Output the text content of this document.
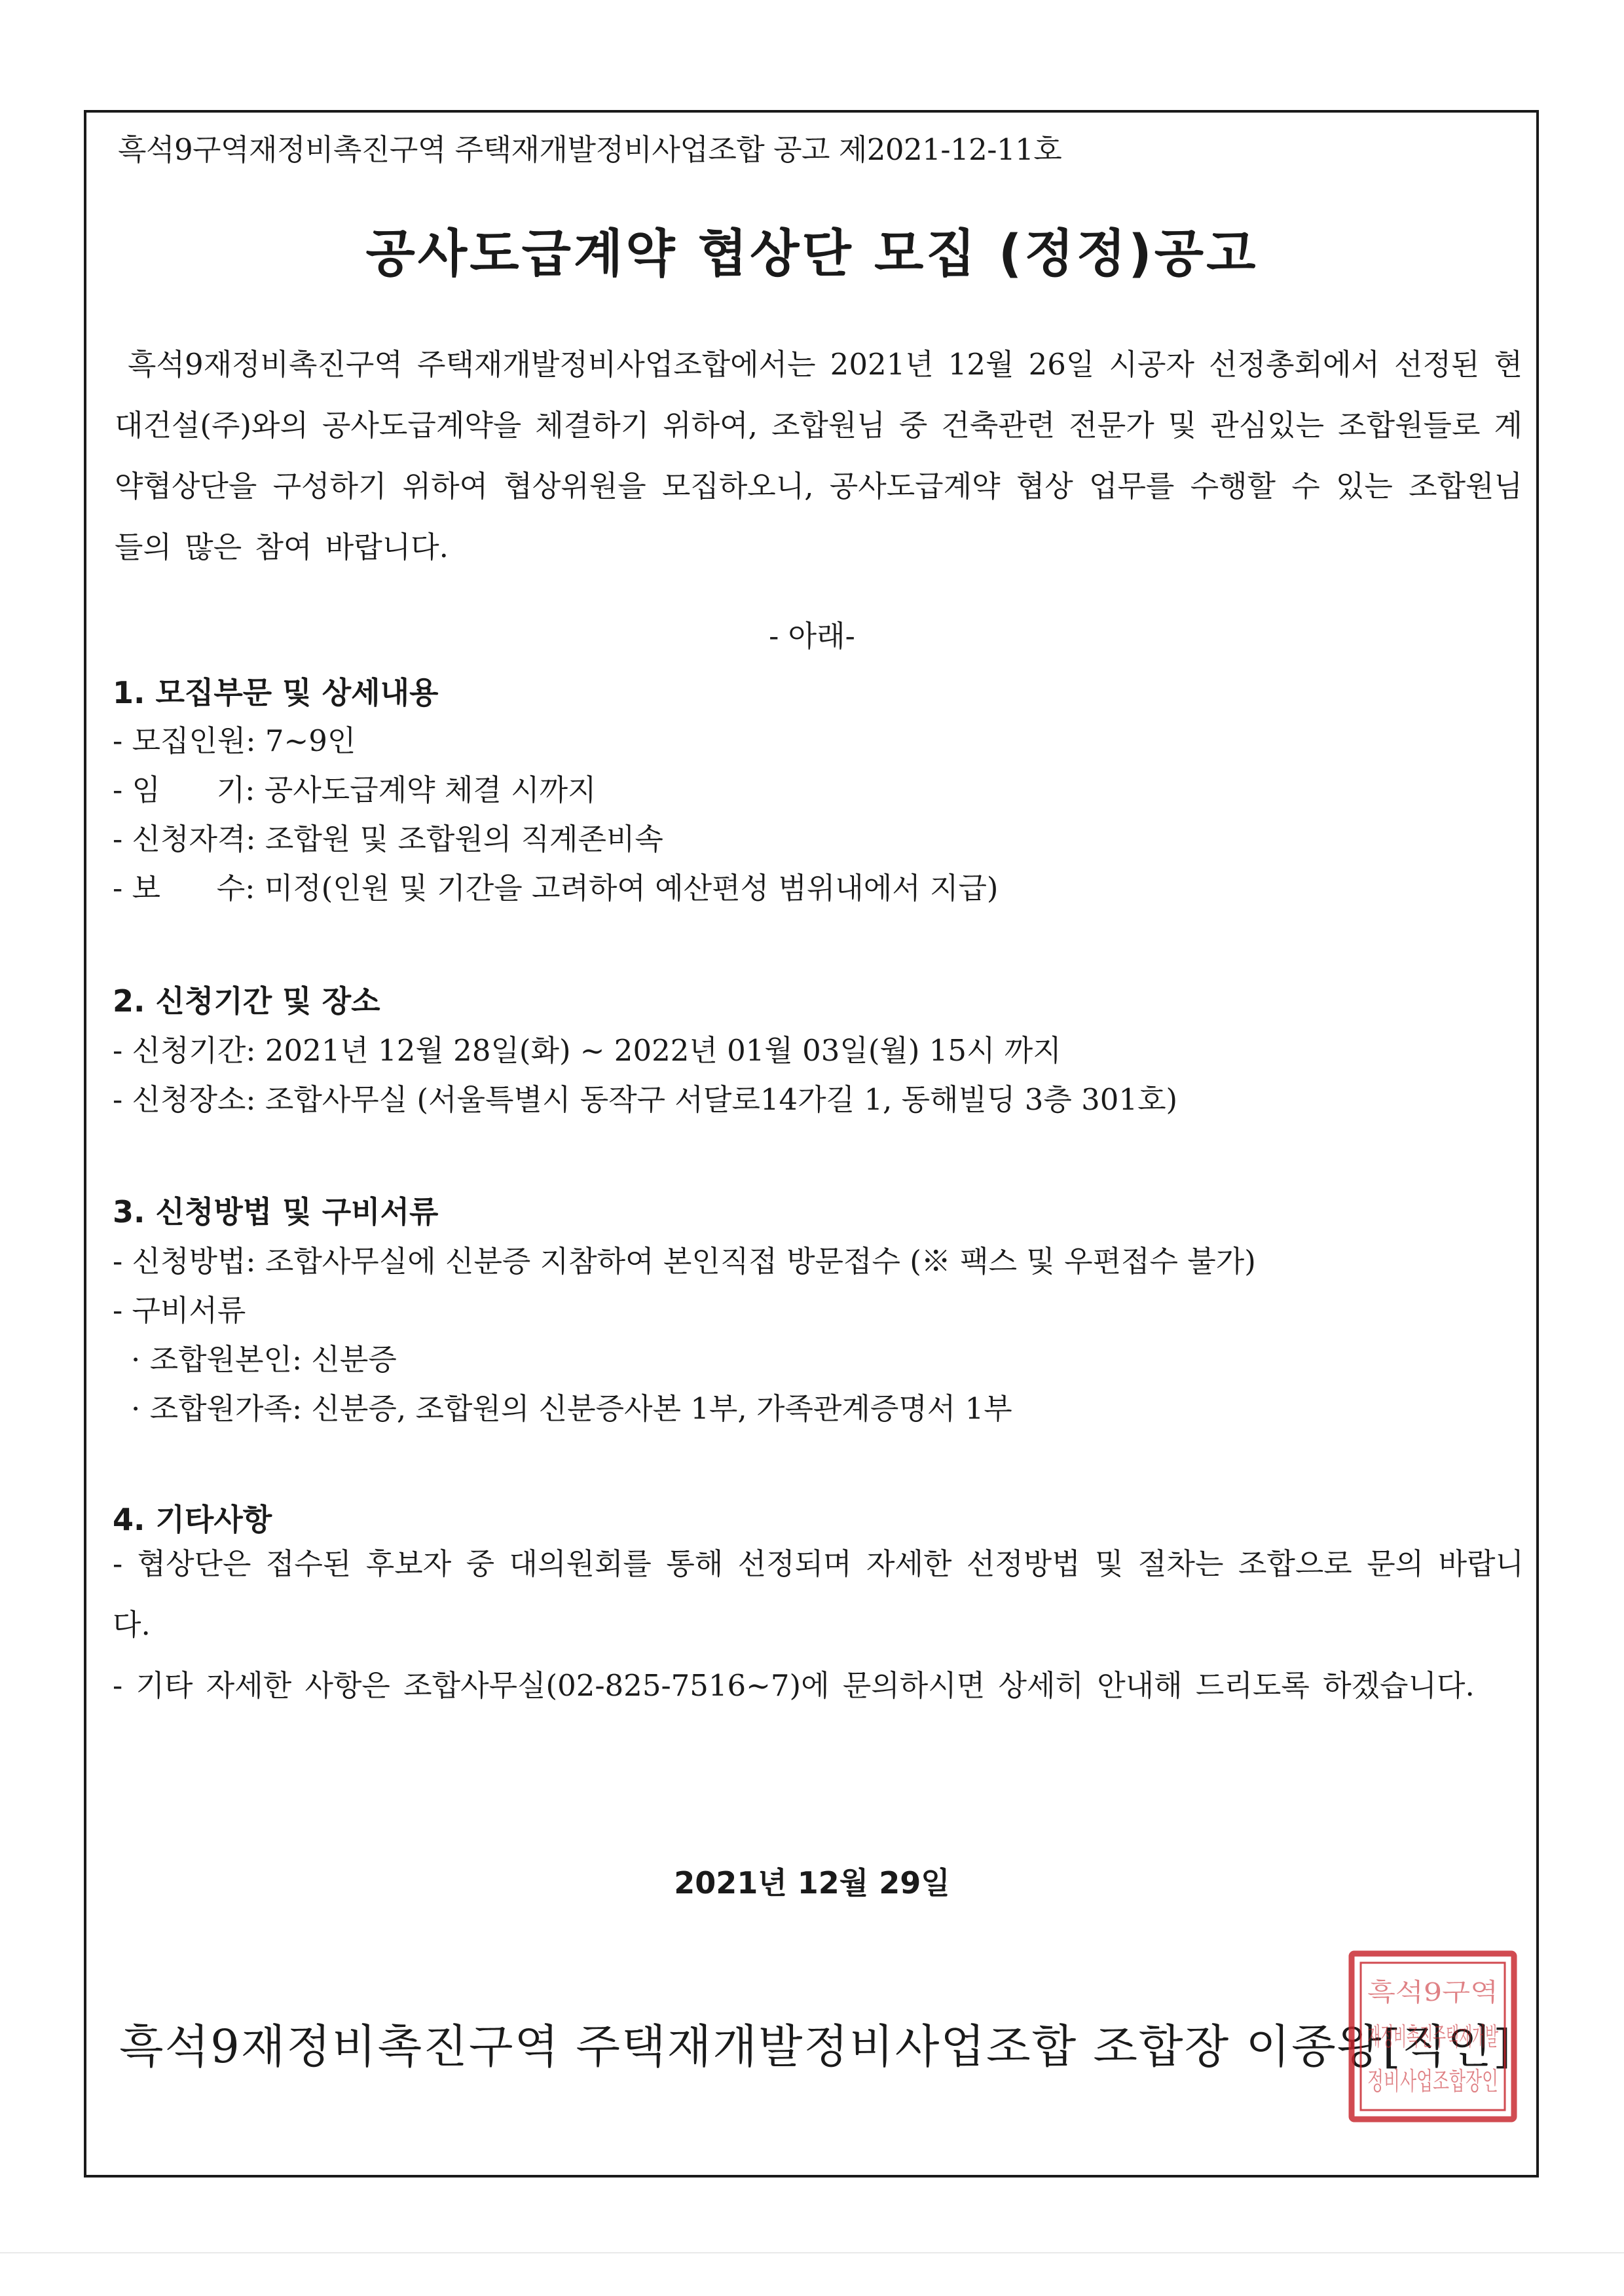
흑석9구역재정비촉진구역 주택재개발정비사업조합 공고 제2021-12-11호
공사도급계약 협상단 모집 (정정)공고
흑석9재정비촉진구역 주택재개발정비사업조합에서는 2021년 12월 26일 시공자 선정총회에서 선정된 현대건설(주)와의 공사도급계약을 체결하기 위하여, 조합원님 중 건축관련 전문가 및 관심있는 조합원들로 계약협상단을 구성하기 위하여 협상위원을 모집하오니, 공사도급계약 협상 업무를 수행할 수 있는 조합원님들의 많은 참여 바랍니다.
- 아래-
1. 모집부문 및 상세내용
- 모집인원: 7~9인
- 임      기: 공사도급계약 체결 시까지
- 신청자격: 조합원 및 조합원의 직계존비속
- 보      수: 미정(인원 및 기간을 고려하여 예산편성 범위내에서 지급)
2. 신청기간 및 장소
- 신청기간: 2021년 12월 28일(화) ~ 2022년 01월 03일(월) 15시 까지
- 신청장소: 조합사무실 (서울특별시 동작구 서달로14가길 1, 동해빌딩 3층 301호)
3. 신청방법 및 구비서류
- 신청방법: 조합사무실에 신분증 지참하여 본인직접 방문접수 (※ 팩스 및 우편접수 불가)
- 구비서류
· 조합원본인: 신분증
· 조합원가족: 신분증, 조합원의 신분증사본 1부, 가족관계증명서 1부
4. 기타사항
- 협상단은 접수된 후보자 중 대의원회를 통해 선정되며 자세한 선정방법 및 절차는 조합으로 문의 바랍니다.
- 기타 자세한 사항은 조합사무실(02-825-7516~7)에 문의하시면 상세히 안내해 드리도록 하겠습니다.
2021년 12월 29일
흑석9재정비촉진구역 주택재개발정비사업조합 조합장 이종왕[직인]
흑석9구역 재정비촉진주택재개발 정비사업조합장인
